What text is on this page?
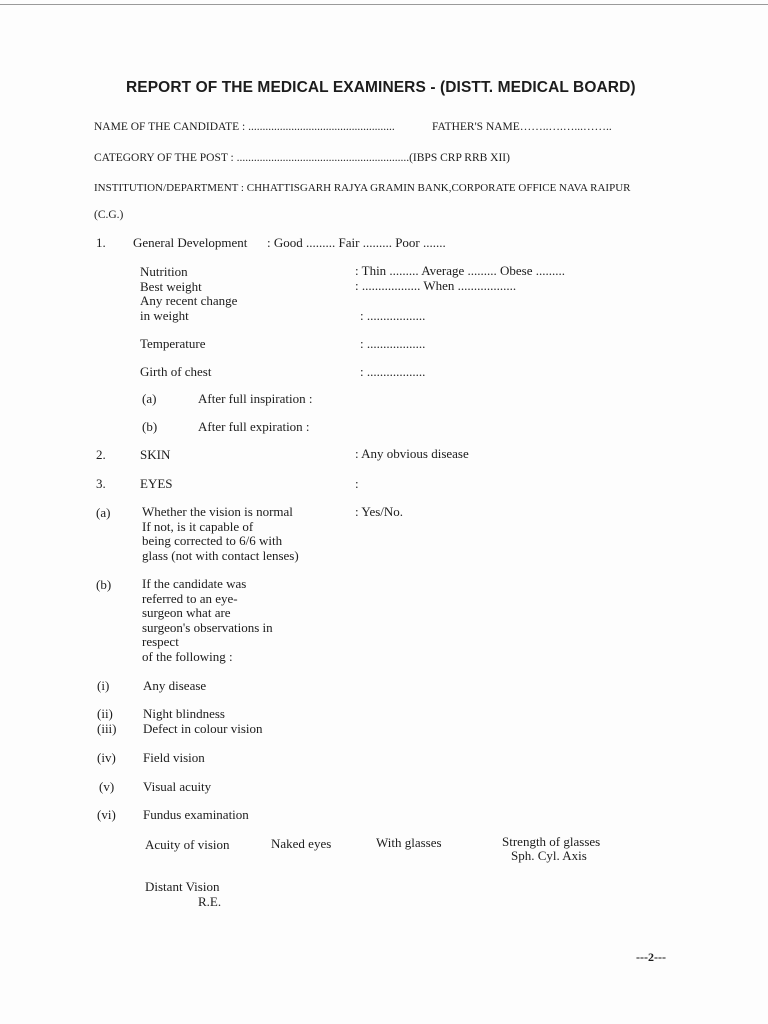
REPORT OF THE MEDICAL EXAMINERS - (DISTT. MEDICAL BOARD)
NAME OF THE CANDIDATE : ...................................................	FATHER'S NAME……..….…...……..
CATEGORY OF THE POST : ............................................................(IBPS CRP RRB XII)
INSTITUTION/DEPARTMENT : CHHATTISGARH RAJYA GRAMIN BANK,CORPORATE OFFICE NAVA RAIPUR
(C.G.)
1. General Development : Good ......... Fair ......... Poor .......
Nutrition	: Thin ......... Average ......... Obese .........
Best weight	: .................. When ..................
Any recent change
in weight	: ..................
Temperature	: ..................
Girth of chest	: ..................
(a)	After full inspiration :
(b)	After full expiration :
2.	SKIN	: Any obvious disease
3.	EYES	:
(a) Whether the vision is normal
If not, is it capable of
being corrected to 6/6 with
glass (not with contact lenses)
: Yes/No.
(b) If the candidate was
referred to an eye-
surgeon what are
surgeon's observations in
respect
of the following :
(i)	Any disease
(ii) Night blindness
(iii) Defect in colour vision
(iv) Field vision
(v) Visual acuity
(vi) Fundus examination
Acuity of vision	Naked eyes	With glasses	Strength of glasses
Sph. Cyl. Axis
Distant Vision
R.E.
---2---
